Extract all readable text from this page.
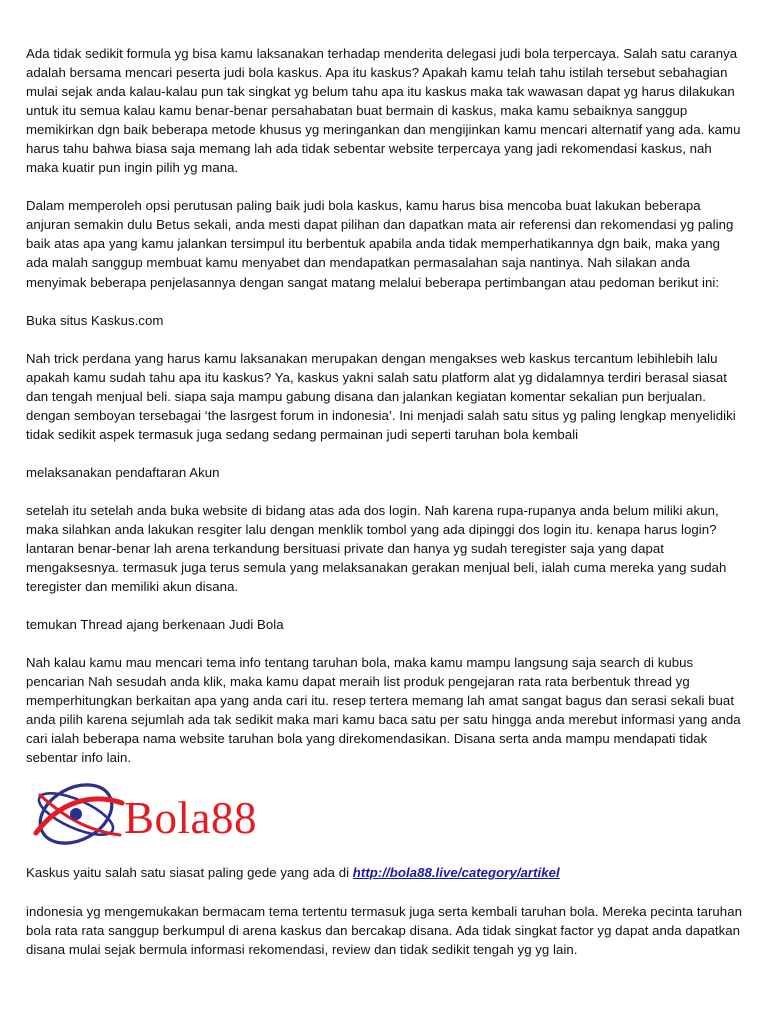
Ada tidak sedikit formula yg bisa kamu laksanakan terhadap menderita delegasi judi bola terpercaya. Salah satu caranya adalah bersama mencari peserta judi bola kaskus. Apa itu kaskus? Apakah kamu telah tahu istilah tersebut sebahagian mulai sejak anda kalau-kalau pun tak singkat yg belum tahu apa itu kaskus maka tak wawasan dapat yg harus dilakukan untuk itu semua kalau kamu benar-benar persahabatan buat bermain di kaskus, maka kamu sebaiknya sanggup memikirkan dgn baik beberapa metode khusus yg meringankan dan mengijinkan kamu mencari alternatif yang ada. kamu harus tahu bahwa biasa saja memang lah ada tidak sebentar website terpercaya yang jadi rekomendasi kaskus, nah maka kuatir pun ingin pilih yg mana.

Dalam memperoleh opsi perutusan paling baik judi bola kaskus, kamu harus bisa mencoba buat lakukan beberapa anjuran semakin dulu Betus sekali, anda mesti dapat pilihan dan dapatkan mata air referensi dan rekomendasi yg paling baik atas apa yang kamu jalankan tersimpul itu berbentuk apabila anda tidak memperhatikannya dgn baik, maka yang ada malah sanggup membuat kamu menyabet dan mendapatkan permasalahan saja nantinya. Nah silakan anda menyimak beberapa penjelasannya dengan sangat matang melalui beberapa pertimbangan atau pedoman berikut ini:

Buka situs Kaskus.com

Nah trick perdana yang harus kamu laksanakan merupakan dengan mengakses web kaskus tercantum lebihlebih lalu apakah kamu sudah tahu apa itu kaskus? Ya, kaskus yakni salah satu platform alat yg didalamnya terdiri berasal siasat dan tengah menjual beli. siapa saja mampu gabung disana dan jalankan kegiatan komentar sekalian pun berjualan. dengan semboyan tersebagai ‘the lasrgest forum in indonesia’. Ini menjadi salah satu situs yg paling lengkap menyelidiki tidak sedikit aspek termasuk juga sedang sedang permainan judi seperti taruhan bola kembali

melaksanakan pendaftaran Akun

setelah itu setelah anda buka website di bidang atas ada dos login. Nah karena rupa-rupanya anda belum miliki akun, maka silahkan anda lakukan resgiter lalu dengan menklik tombol yang ada dipinggi dos login itu. kenapa harus login? lantaran benar-benar lah arena terkandung bersituasi private dan hanya yg sudah teregister saja yang dapat mengaksesnya. termasuk juga terus semula yang melaksanakan gerakan menjual beli, ialah cuma mereka yang sudah teregister dan memiliki akun disana.

temukan Thread ajang berkenaan Judi Bola

Nah kalau kamu mau mencari tema info tentang taruhan bola, maka kamu mampu langsung saja search di kubus pencarian Nah sesudah anda klik, maka kamu dapat meraih list produk pengejaran rata rata berbentuk thread yg memperhitungkan berkaitan apa yang anda cari itu. resep tertera memang lah amat sangat bagus dan serasi sekali buat anda pilih karena sejumlah ada tak sedikit maka mari kamu baca satu per satu hingga anda merebut informasi yang anda cari ialah beberapa nama website taruhan bola yang direkomendasikan. Disana serta anda mampu mendapati tidak sebentar info lain.

Bola88

Kaskus yaitu salah satu siasat paling gede yang ada di http://bola88.live/category/artikel

indonesia yg mengemukakan bermacam tema tertentu termasuk juga serta kembali taruhan bola. Mereka pecinta taruhan bola rata rata sanggup berkumpul di arena kaskus dan bercakap disana. Ada tidak singkat factor yg dapat anda dapatkan disana mulai sejak bermula informasi rekomendasi, review dan tidak sedikit tengah yg yg lain.
